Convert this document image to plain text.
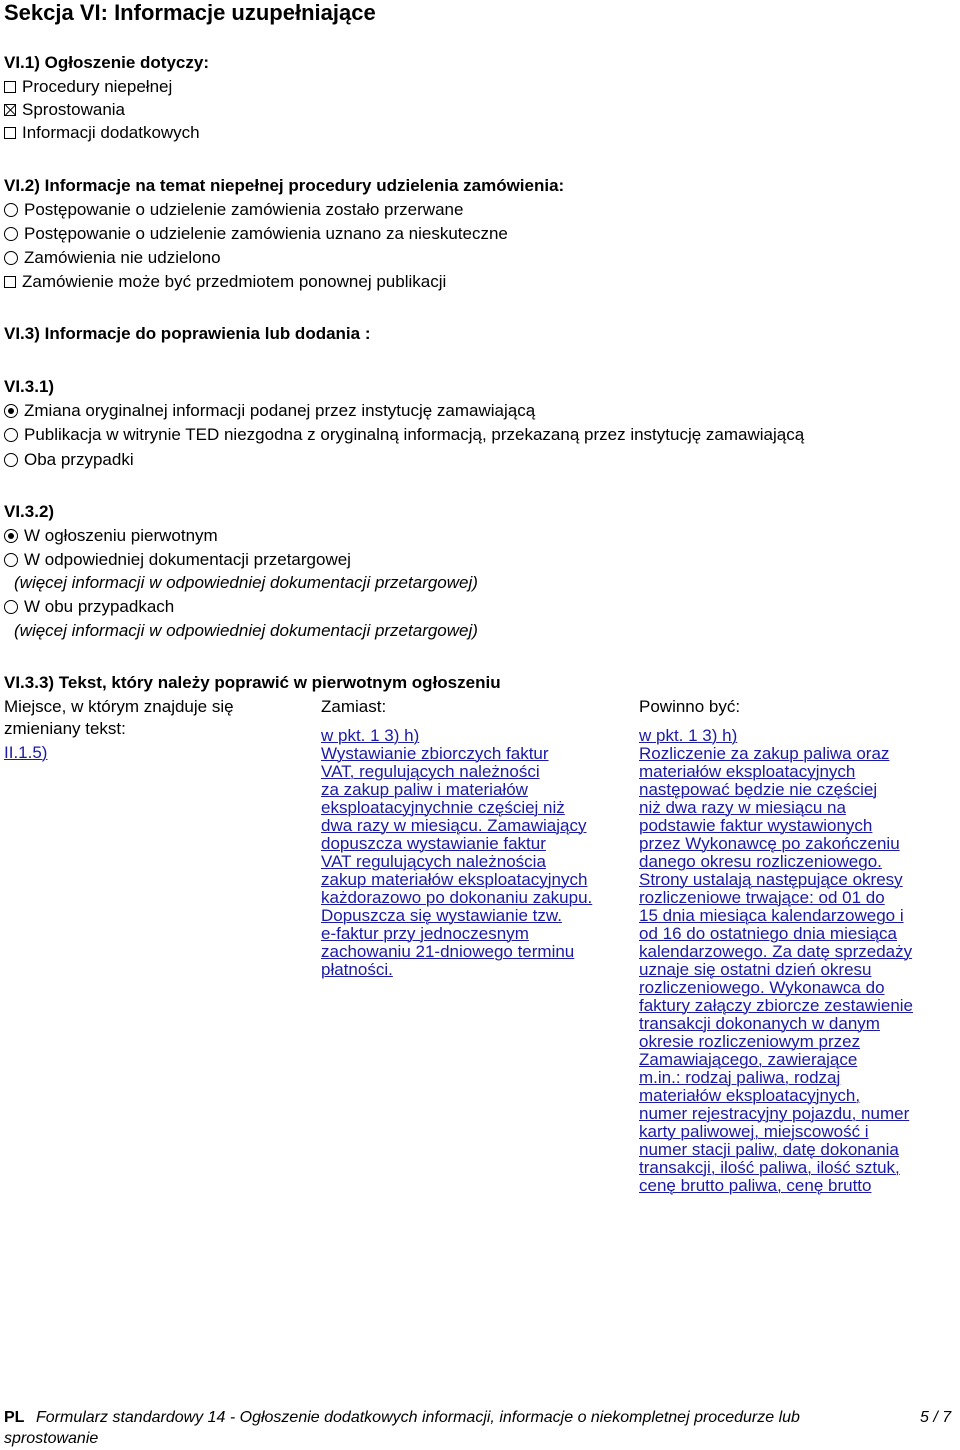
Sekcja VI: Informacje uzupełniające
VI.1) Ogłoszenie dotyczy:
Procedury niepełnej
Sprostowania
Informacji dodatkowych
VI.2) Informacje na temat niepełnej procedury udzielenia zamówienia:
Postępowanie o udzielenie zamówienia zostało przerwane
Postępowanie o udzielenie zamówienia uznano za nieskuteczne
Zamówienia nie udzielono
Zamówienie może być przedmiotem ponownej publikacji
VI.3) Informacje do poprawienia lub dodania :
VI.3.1)
Zmiana oryginalnej informacji podanej przez instytucję zamawiającą
Publikacja w witrynie TED niezgodna z oryginalną informacją, przekazaną przez instytucję zamawiającą
Oba przypadki
VI.3.2)
W ogłoszeniu pierwotnym
W odpowiedniej dokumentacji przetargowej
(więcej informacji w odpowiedniej dokumentacji przetargowej)
W obu przypadkach
(więcej informacji w odpowiedniej dokumentacji przetargowej)
VI.3.3) Tekst, który należy poprawić w pierwotnym ogłoszeniu
Miejsce, w którym znajduje się zmieniany tekst:
Zamiast:	Powinno być:
II.1.5)
w pkt. 1 3) h)
Wystawianie zbiorczych faktur
VAT, regulujących należności
za zakup paliw i materiałów
eksploatacyjnychnie częściej niż
dwa razy w miesiącu. Zamawiający
dopuszcza wystawianie faktur
VAT regulujących należnościa
zakup materiałów eksploatacyjnych
każdorazowo po dokonaniu zakupu.
Dopuszcza się wystawianie tzw.
e-faktur przy jednoczesnym
zachowaniu 21-dniowego terminu
płatności.
w pkt. 1 3) h)
Rozliczenie za zakup paliwa oraz
materiałów eksploatacyjnych
następować będzie nie częściej
niż dwa razy w miesiącu na
podstawie faktur wystawionych
przez Wykonawcę po zakończeniu
danego okresu rozliczeniowego.
Strony ustalają następujące okresy
rozliczeniowe trwające: od 01 do
15 dnia miesiąca kalendarzowego i
od 16 do ostatniego dnia miesiąca
kalendarzowego. Za datę sprzedaży
uznaje się ostatni dzień okresu
rozliczeniowego. Wykonawca do
faktury załączy zbiorcze zestawienie
transakcji dokonanych w danym
okresie rozliczeniowym przez
Zamawiającego, zawierające
m.in.: rodzaj paliwa, rodzaj
materiałów eksploatacyjnych,
numer rejestracyjny pojazdu, numer
karty paliwowej, miejscowość i
numer stacji paliw, datę dokonania
transakcji, ilość paliwa, ilość sztuk,
cenę brutto paliwa, cenę brutto
PL Formularz standardowy 14 - Ogłoszenie dodatkowych informacji, informacje o niekompletnej procedurze lub
sprostowanie
5 / 7
